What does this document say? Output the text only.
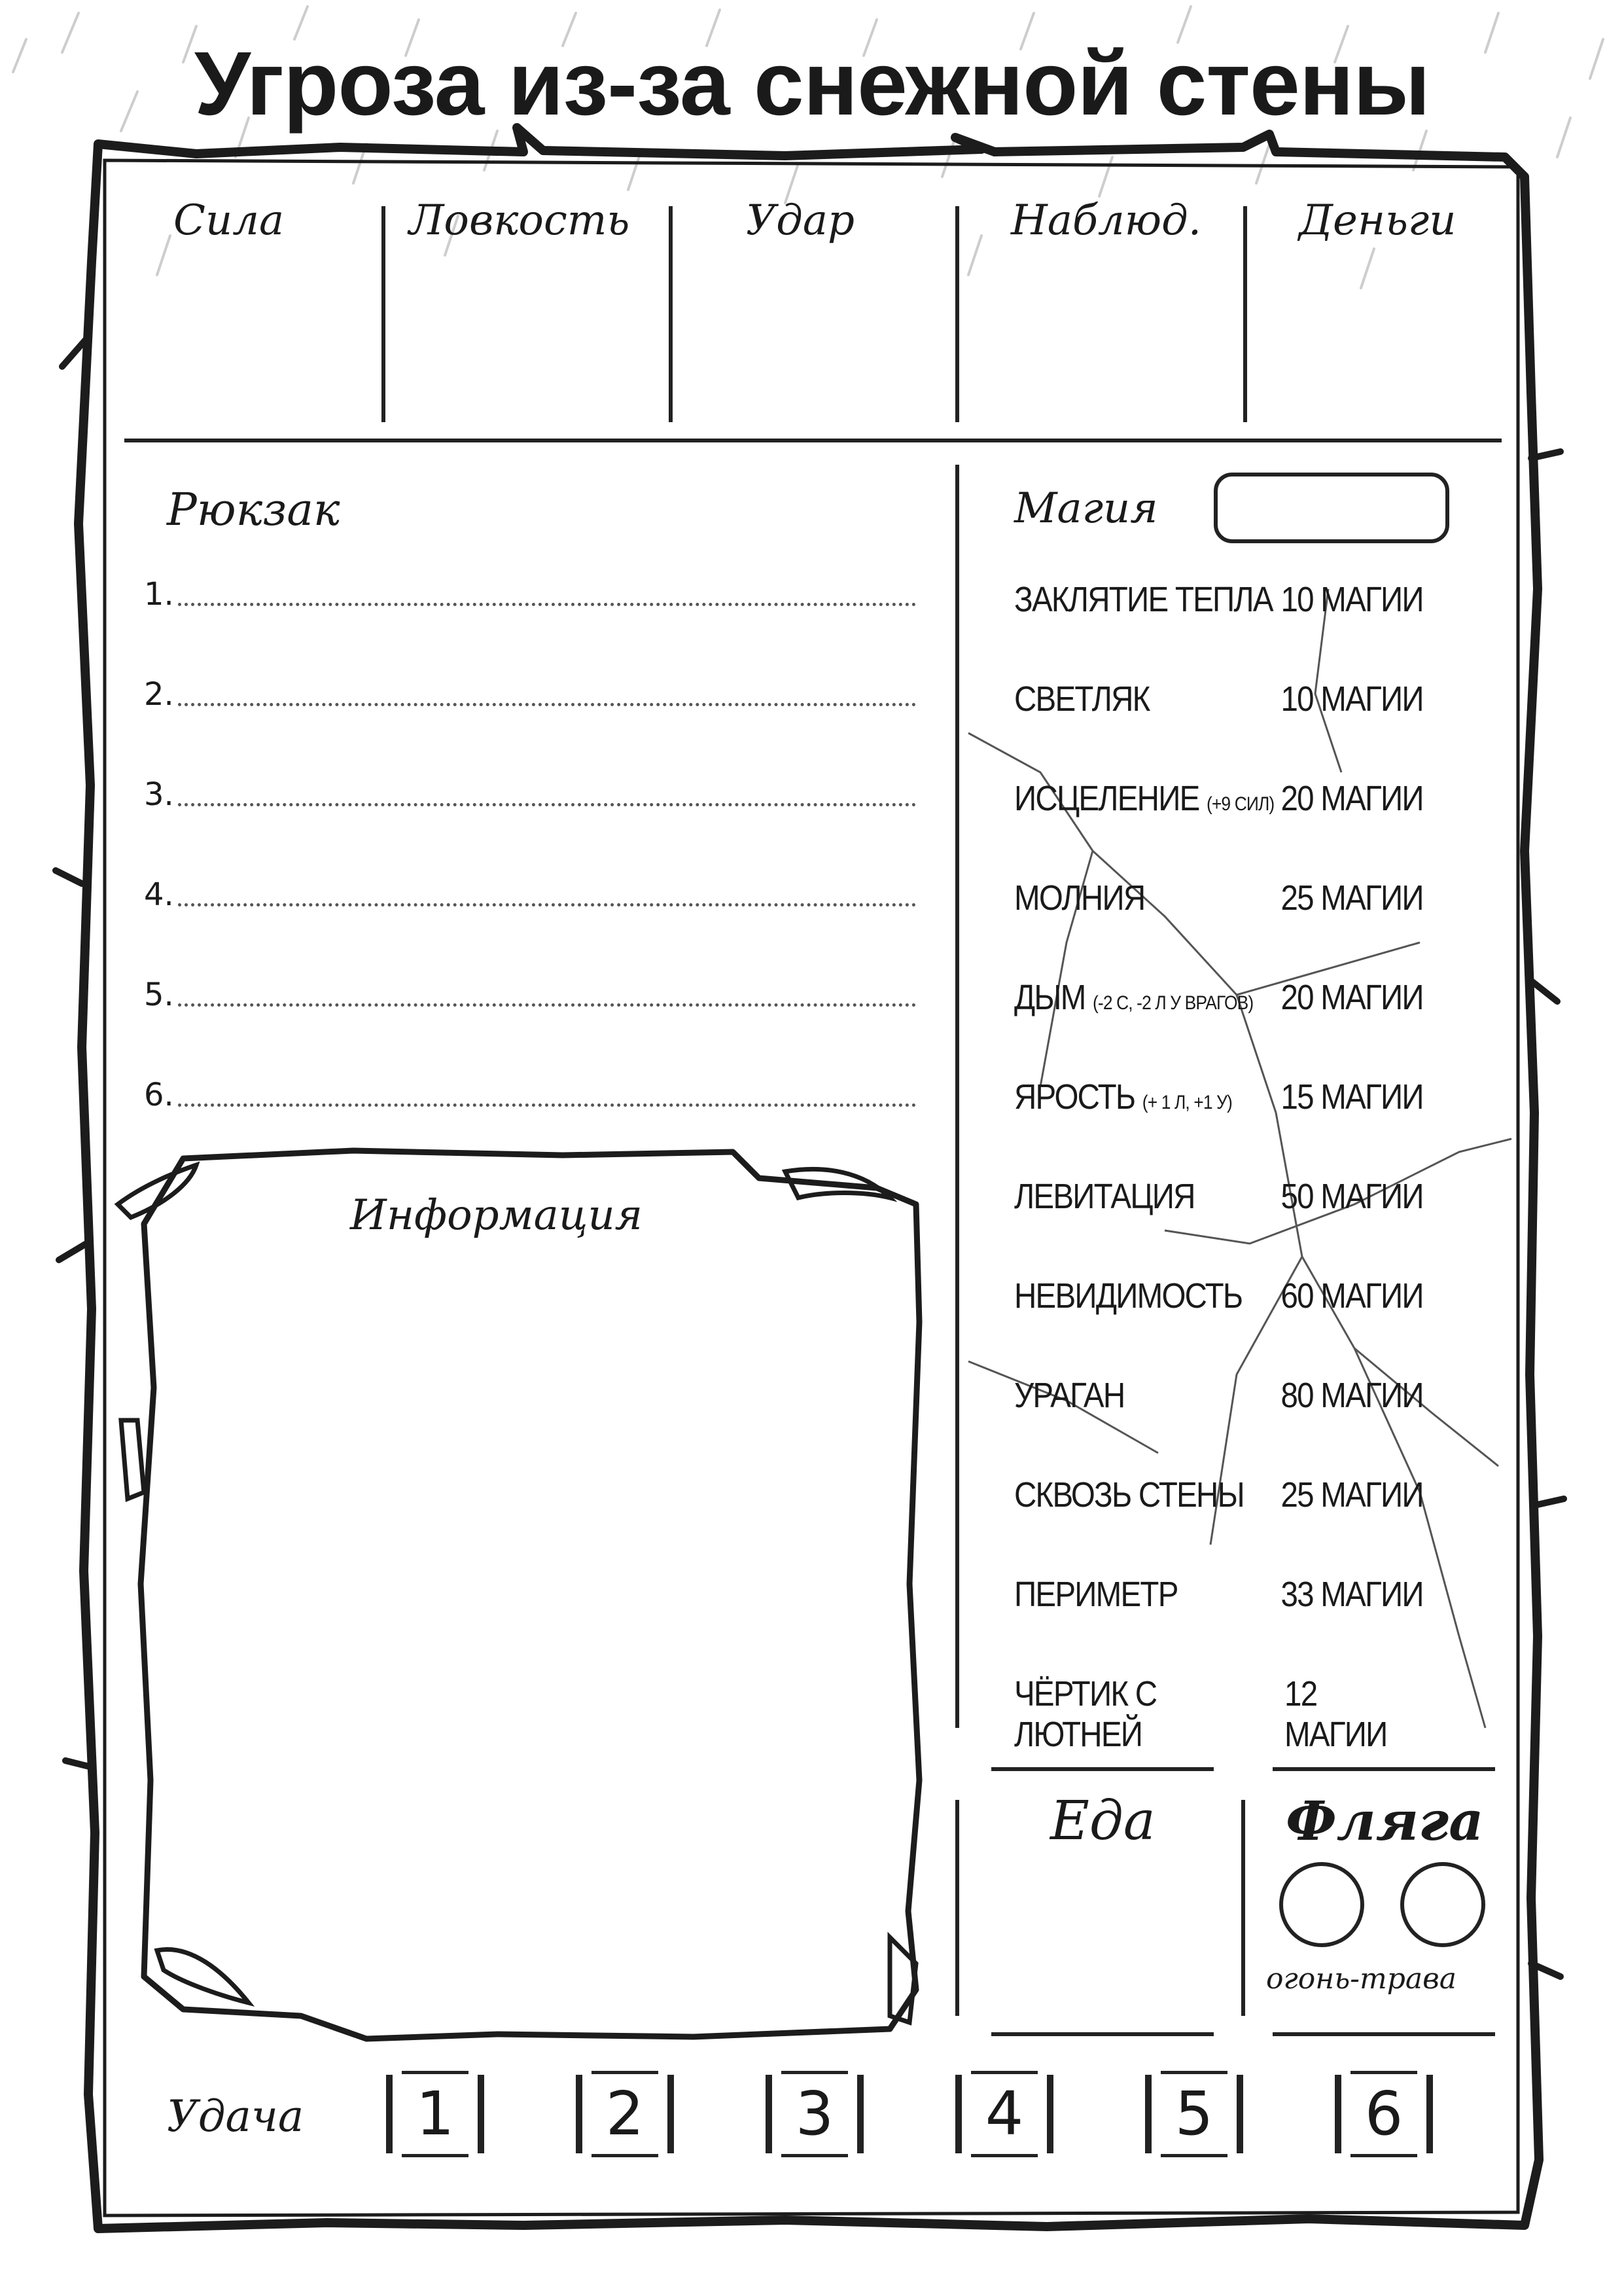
Угроза из-за снежной стены
Сила	Ловкость	Удар	Наблюд. Деньги
Рюкзак
1.
2.
3.
4.
5.
6.
Информация
Магия
ЗАКЛЯТИЕ ТЕПЛА 10 МАГИИ
СВЕТЛЯК	10 МАГИИ
ИСЦЕЛЕНИЕ (+9 СИЛ) 20 МАГИИ
МОЛНИЯ	25 МАГИИ
ДЫМ (-2 С, -2 Л У ВРАГОВ) 20 МАГИИ
ЯРОСТЬ (+ 1 Л, +1 У) 15 МАГИИ
ЛЕВИТАЦИЯ 50 МАГИИ
НЕВИДИМОСТЬ 60 МАГИИ
УРАГАН	80 МАГИИ
СКВОЗЬ СТЕНЫ 25 МАГИИ
ПЕРИМЕТР	33 МАГИИ
ЧЁРТИК С ЛЮТНЕЙ
12 МАГИИ
Еда Фляга
огонь-трава
Удача	1	2	3	4	5	6
